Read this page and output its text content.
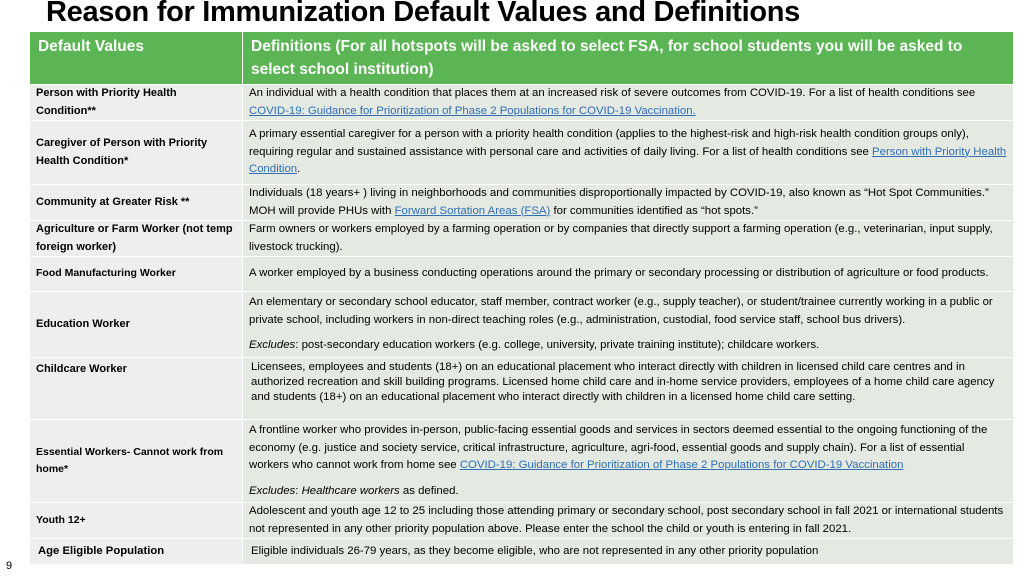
Reason for Immunization Default Values and Definitions
Default Values	Definitions (For all hotspots will be asked to select FSA, for school students you will be asked to select school institution)
Person with Priority Health Condition**	An individual with a health condition that places them at an increased risk of severe outcomes from COVID-19. For a list of health conditions see COVID-19: Guidance for Prioritization of Phase 2 Populations for COVID-19 Vaccination.
Caregiver of Person with Priority Health Condition*	A primary essential caregiver for a person with a priority health condition (applies to the highest-risk and high-risk health condition groups only), requiring regular and sustained assistance with personal care and activities of daily living. For a list of health conditions see Person with Priority Health Condition.
Community at Greater Risk **	Individuals (18 years+ ) living in neighborhoods and communities disproportionally impacted by COVID-19, also known as “Hot Spot Communities.” MOH will provide PHUs with Forward Sortation Areas (FSA) for communities identified as “hot spots.”
Agriculture or Farm Worker (not temp foreign worker)	Farm owners or workers employed by a farming operation or by companies that directly support a farming operation (e.g., veterinarian, input supply, livestock trucking).
Food Manufacturing Worker	A worker employed by a business conducting operations around the primary or secondary processing or distribution of agriculture or food products.
Education Worker	An elementary or secondary school educator, staff member, contract worker (e.g., supply teacher), or student/trainee currently working in a public or private school, including workers in non-direct teaching roles (e.g., administration, custodial, food service staff, school bus drivers).
Excludes: post-secondary education workers (e.g. college, university, private training institute); childcare workers.

Childcare Worker	Licensees, employees and students (18+) on an educational placement who interact directly with children in licensed child care centres and in authorized recreation and skill building programs. Licensed home child care and in-home service providers, employees of a home child care agency and students (18+) on an educational placement who interact directly with children in a licensed home child care setting.
Essential Workers- Cannot work from home*	A frontline worker who provides in-person, public-facing essential goods and services in sectors deemed essential to the ongoing functioning of the economy (e.g. justice and society service, critical infrastructure, agriculture, agri-food, essential goods and supply chain). For a list of essential workers who cannot work from home see COVID-19: Guidance for Prioritization of Phase 2 Populations for COVID-19 Vaccination
Excludes: Healthcare workers as defined.

Youth 12+	Adolescent and youth age 12 to 25 including those attending primary or secondary school, post secondary school in fall 2021 or international students not represented in any other priority population above. Please enter the school the child or youth is entering in fall 2021.
Age Eligible Population	Eligible individuals 26-79 years, as they become eligible, who are not represented in any other priority population
9
